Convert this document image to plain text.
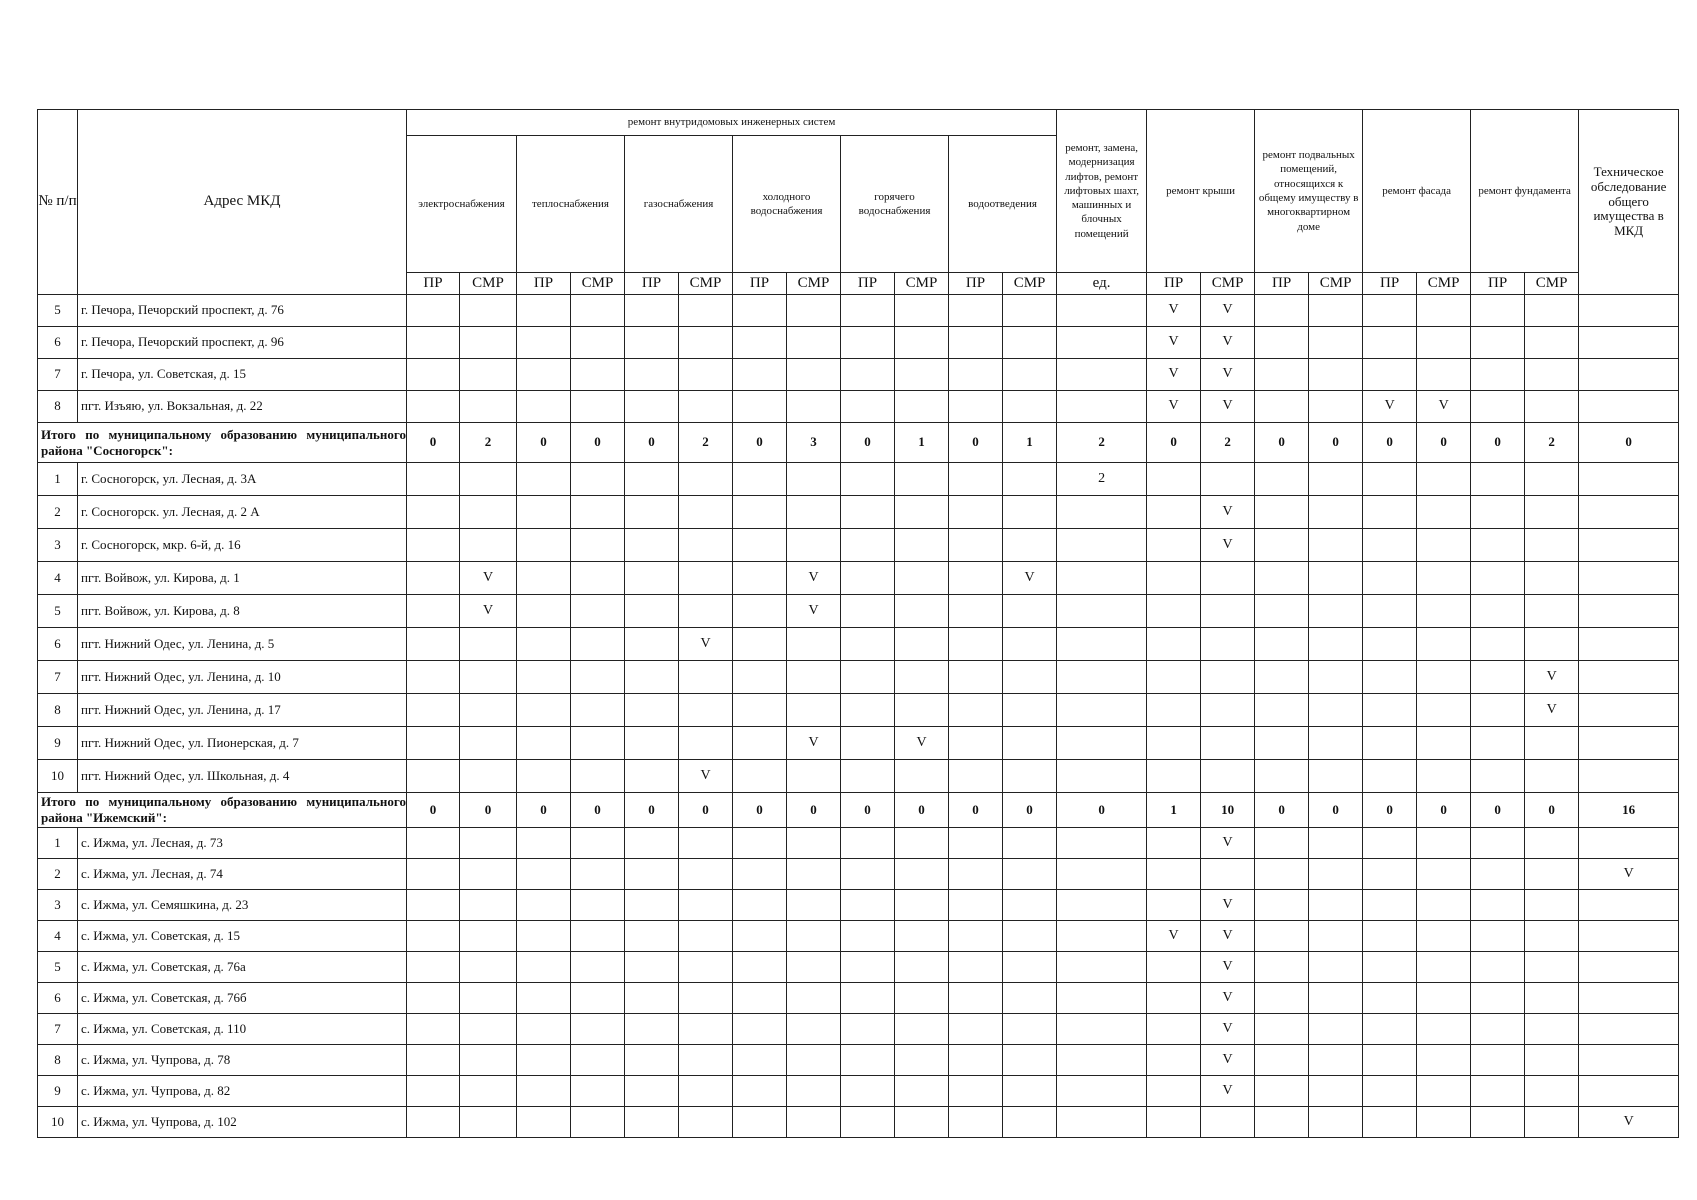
№ п/п	Адрес МКД	ремонт внутридомовых инженерных систем												ремонт, замена, модернизация лифтов, ремонт лифтовых шахт, машинных и блочных помещений	ремонт крыши		ремонт подвальных помещений, относящихся к общему имуществу в многоквартирном доме		ремонт фасада		ремонт фундамента		Техническое обследование общего имущества в МКД
		электроснабжения		теплоснабжения		газоснабжения		холодного водоснабжения		горячего водоснабжения		водоотведения											
		ПР	СМР	ПР	СМР	ПР	СМР	ПР	СМР	ПР	СМР	ПР	СМР	ед.	ПР	СМР	ПР	СМР	ПР	СМР	ПР	СМР	
5	г. Печора, Печорский проспект, д. 76														V	V							
6	г. Печора, Печорский проспект, д. 96														V	V							
7	г. Печора, ул. Советская, д. 15														V	V							
8	пгт. Изъяю, ул. Вокзальная, д. 22														V	V			V	V			
Итого по муниципальному образованию муниципального района "Сосногорск":		0	2	0	0	0	2	0	3	0	1	0	1	2	0	2	0	0	0	0	0	2	0
1	г. Сосногорск, ул. Лесная, д. 3А													2									
2	г. Сосногорск. ул. Лесная, д. 2 А															V							
3	г. Сосногорск, мкр. 6-й, д. 16															V							
4	пгт. Войвож, ул. Кирова, д. 1		V						V				V										
5	пгт. Войвож, ул. Кирова, д. 8		V						V														
6	пгт. Нижний Одес, ул. Ленина, д. 5						V																
7	пгт. Нижний Одес, ул. Ленина, д. 10																					V	
8	пгт. Нижний Одес, ул. Ленина, д. 17																					V	
9	пгт. Нижний Одес, ул. Пионерская, д. 7								V		V												
10	пгт. Нижний Одес, ул. Школьная, д. 4						V																
Итого по муниципальному образованию муниципального района "Ижемский":		0	0	0	0	0	0	0	0	0	0	0	0	0	1	10	0	0	0	0	0	0	16
1	с. Ижма, ул. Лесная, д. 73															V							
2	с. Ижма, ул. Лесная, д. 74																						V
3	с. Ижма, ул. Семяшкина, д. 23															V							
4	с. Ижма, ул. Советская, д. 15														V	V							
5	с. Ижма, ул. Советская, д. 76а															V							
6	с. Ижма, ул. Советская, д. 76б															V							
7	с. Ижма, ул. Советская, д. 110															V							
8	с. Ижма, ул. Чупрова, д. 78															V							
9	с. Ижма, ул. Чупрова, д. 82															V							
10	с. Ижма, ул. Чупрова, д. 102																						V
